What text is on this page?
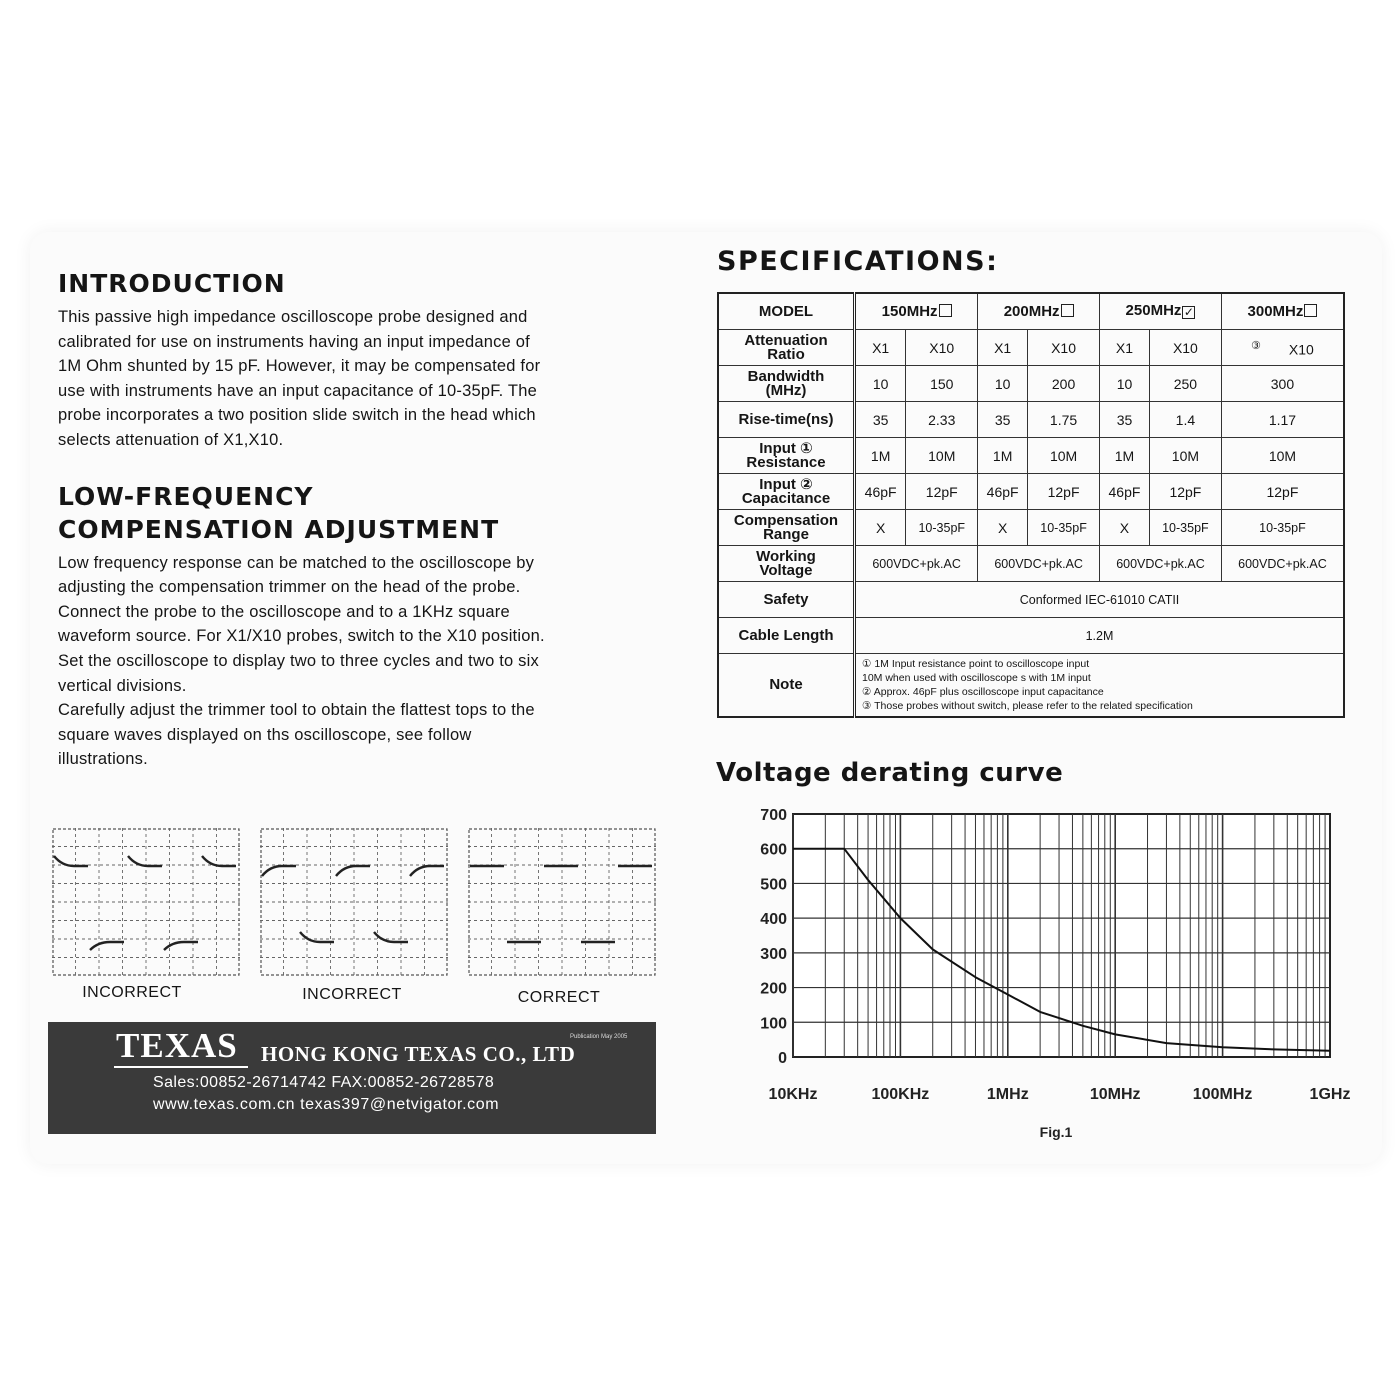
INTRODUCTION

This passive high impedance oscilloscope probe designed and
calibrated for use on instruments having an input impedance of
1M Ohm shunted by 15 pF. However, it may be compensated for
use with instruments have an input capacitance of 10-35pF. The
probe incorporates a two position slide switch in the head which
selects attenuation of X1,X10.

LOW-FREQUENCY
COMPENSATION ADJUSTMENT

Low frequency response can be matched to the oscilloscope by
adjusting the compensation trimmer on the head of the probe.
Connect the probe to the oscilloscope and to a 1KHz square
waveform source. For X1/X10 probes, switch to the X10 position.
Set the oscilloscope to display two to three cycles and two to six
vertical divisions.
Carefully adjust the trimmer tool to obtain the flattest tops to the
square waves displayed on ths oscilloscope, see follow
illustrations.

INCORRECT	INCORRECT	CORRECT
TEXAS HONG KONG TEXAS CO., LTD
Publication May 2005
Sales:00852-26714742 FAX:00852-26728578
www.texas.com.cn texas397@netvigator.com
SPECIFICATIONS:
MODEL	150MHz		200MHz		250MHz ✓		300MHz
Attenuation
Ratio	X1	X10	X1	X10	X1	X10	③ X10
Bandwidth
(MHz)	10	150	10	200	10	250	300
Rise-time(ns)	35	2.33	35	1.75	35	1.4	1.17
Input ①
Resistance	1M	10M	1M	10M	1M	10M	10M
Input ②
Capacitance	46pF	12pF	46pF	12pF	46pF	12pF	12pF
Compensation
Range	X	10-35pF	X	10-35pF	X	10-35pF	10-35pF
Working
Voltage	600VDC+pk.AC		600VDC+pk.AC		600VDC+pk.AC		600VDC+pk.AC
Safety	Conformed IEC-61010 CATII						
Cable Length	1.2M						
Note	① 1M Input resistance point to oscilloscope input
10M when used with oscilloscope s with 1M input
② Approx. 46pF plus oscilloscope input capacitance
③ Those probes without switch, please refer to the related specification						
Voltage derating curve
700
600
500
400
300
200
100
0
10KHz	100KHz	1MHz	10MHz	100MHz	1GHz
Fig.1
